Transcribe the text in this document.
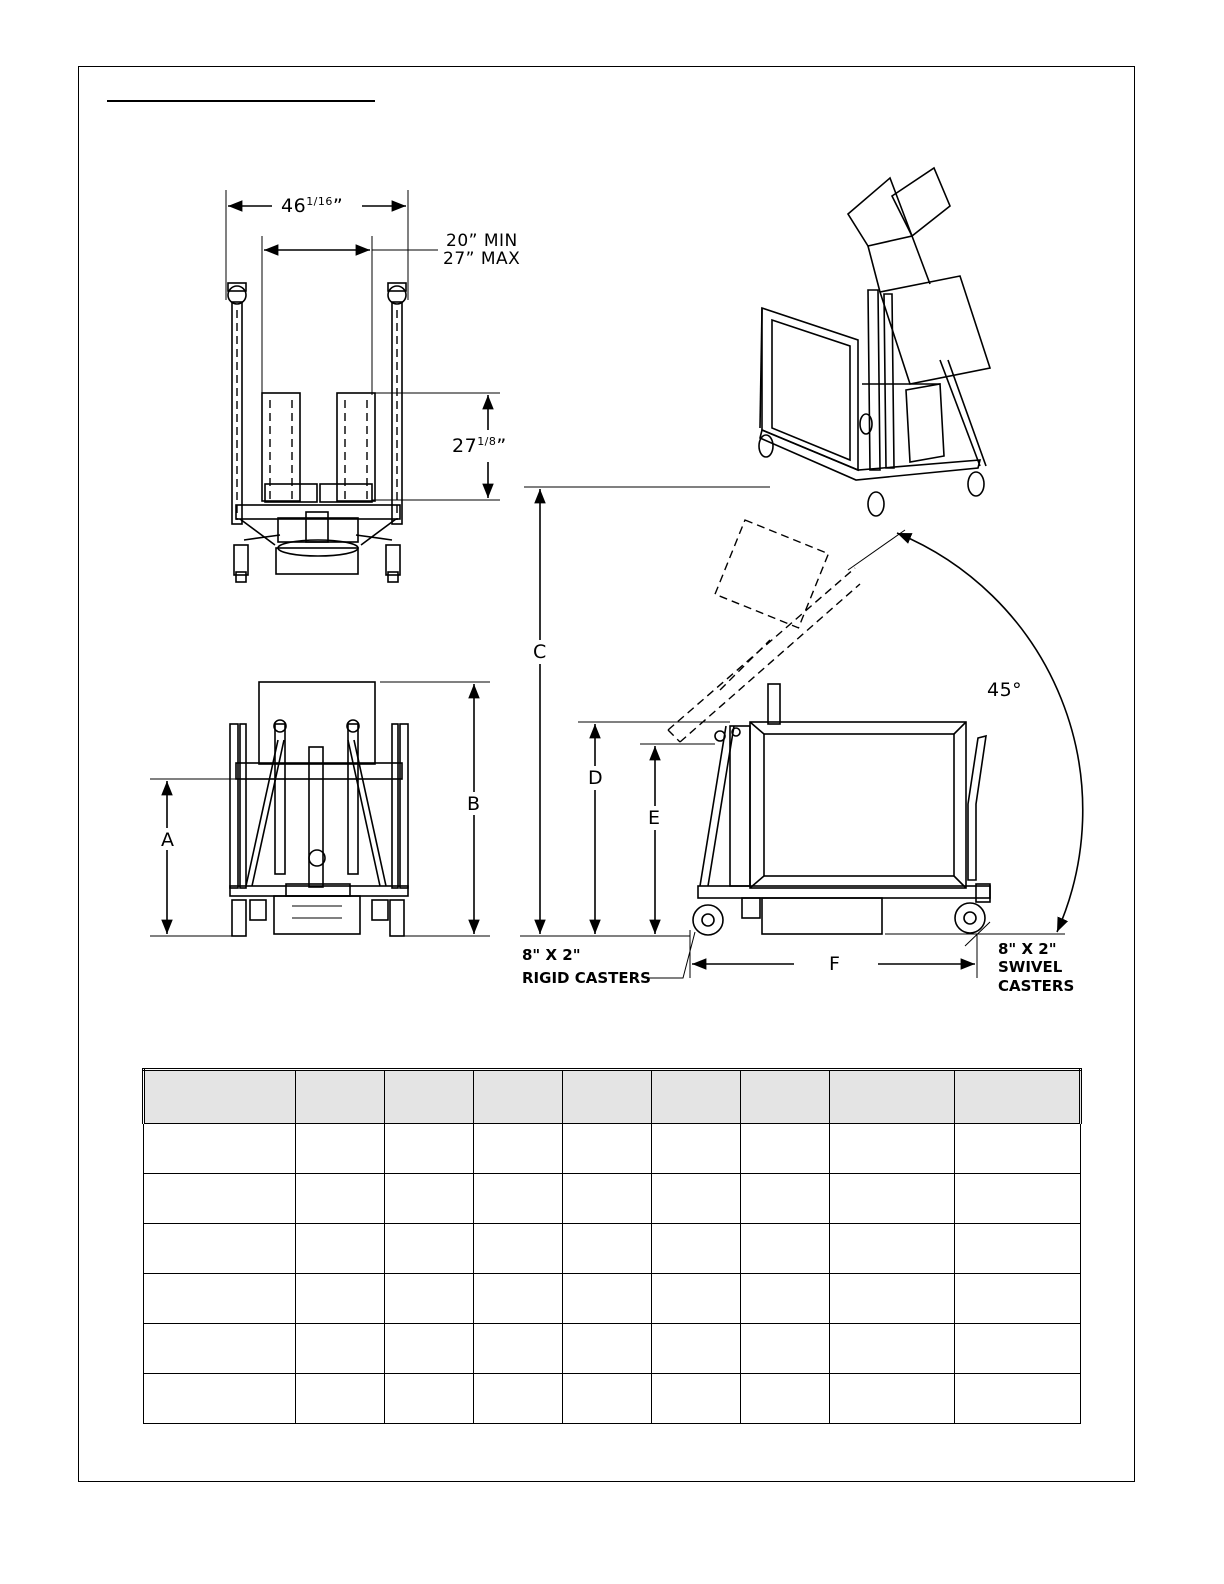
$46^{1/16}$”
20” MIN
27” MAX
$27^{1/8}$”
A
B
C
D
E
F
45°
8" X 2"
RIGID CASTERS
8" X 2"
SWIVEL
CASTERS
